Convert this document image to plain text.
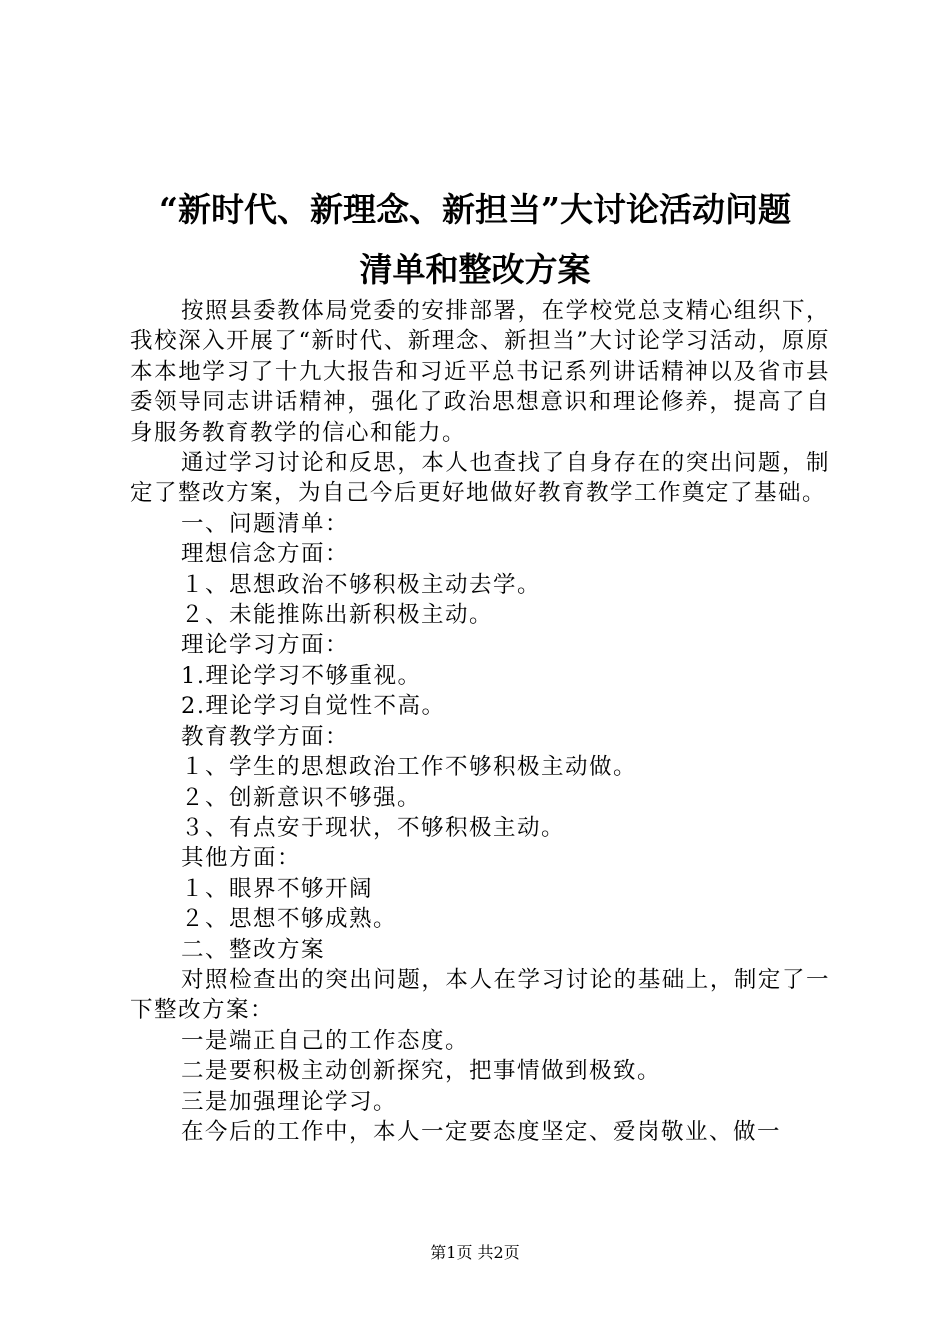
“新时代、新理念、新担当”大讨论活动问题
清单和整改方案

按照县委教体局党委的安排部署，在学校党总支精心组织下，我校深入开展了“新时代、新理念、新担当”大讨论学习活动，原原本本地学习了十九大报告和习近平总书记系列讲话精神以及省市县委领导同志讲话精神，强化了政治思想意识和理论修养，提高了自身服务教育教学的信心和能力。

通过学习讨论和反思，本人也查找了自身存在的突出问题，制定了整改方案，为自己今后更好地做好教育教学工作奠定了基础。

一、问题清单：

理想信念方面：

１、思想政治不够积极主动去学。

２、未能推陈出新积极主动。

理论学习方面：

1.理论学习不够重视。

2.理论学习自觉性不高。

教育教学方面：

１、学生的思想政治工作不够积极主动做。

２、创新意识不够强。

３、有点安于现状，不够积极主动。

其他方面：

１、眼界不够开阔

２、思想不够成熟。

二、整改方案

对照检查出的突出问题，本人在学习讨论的基础上，制定了一下整改方案：

一是端正自己的工作态度。

二是要积极主动创新探究，把事情做到极致。

三是加强理论学习。

在今后的工作中，本人一定要态度坚定、爱岗敬业、做一

第1页 共2页
